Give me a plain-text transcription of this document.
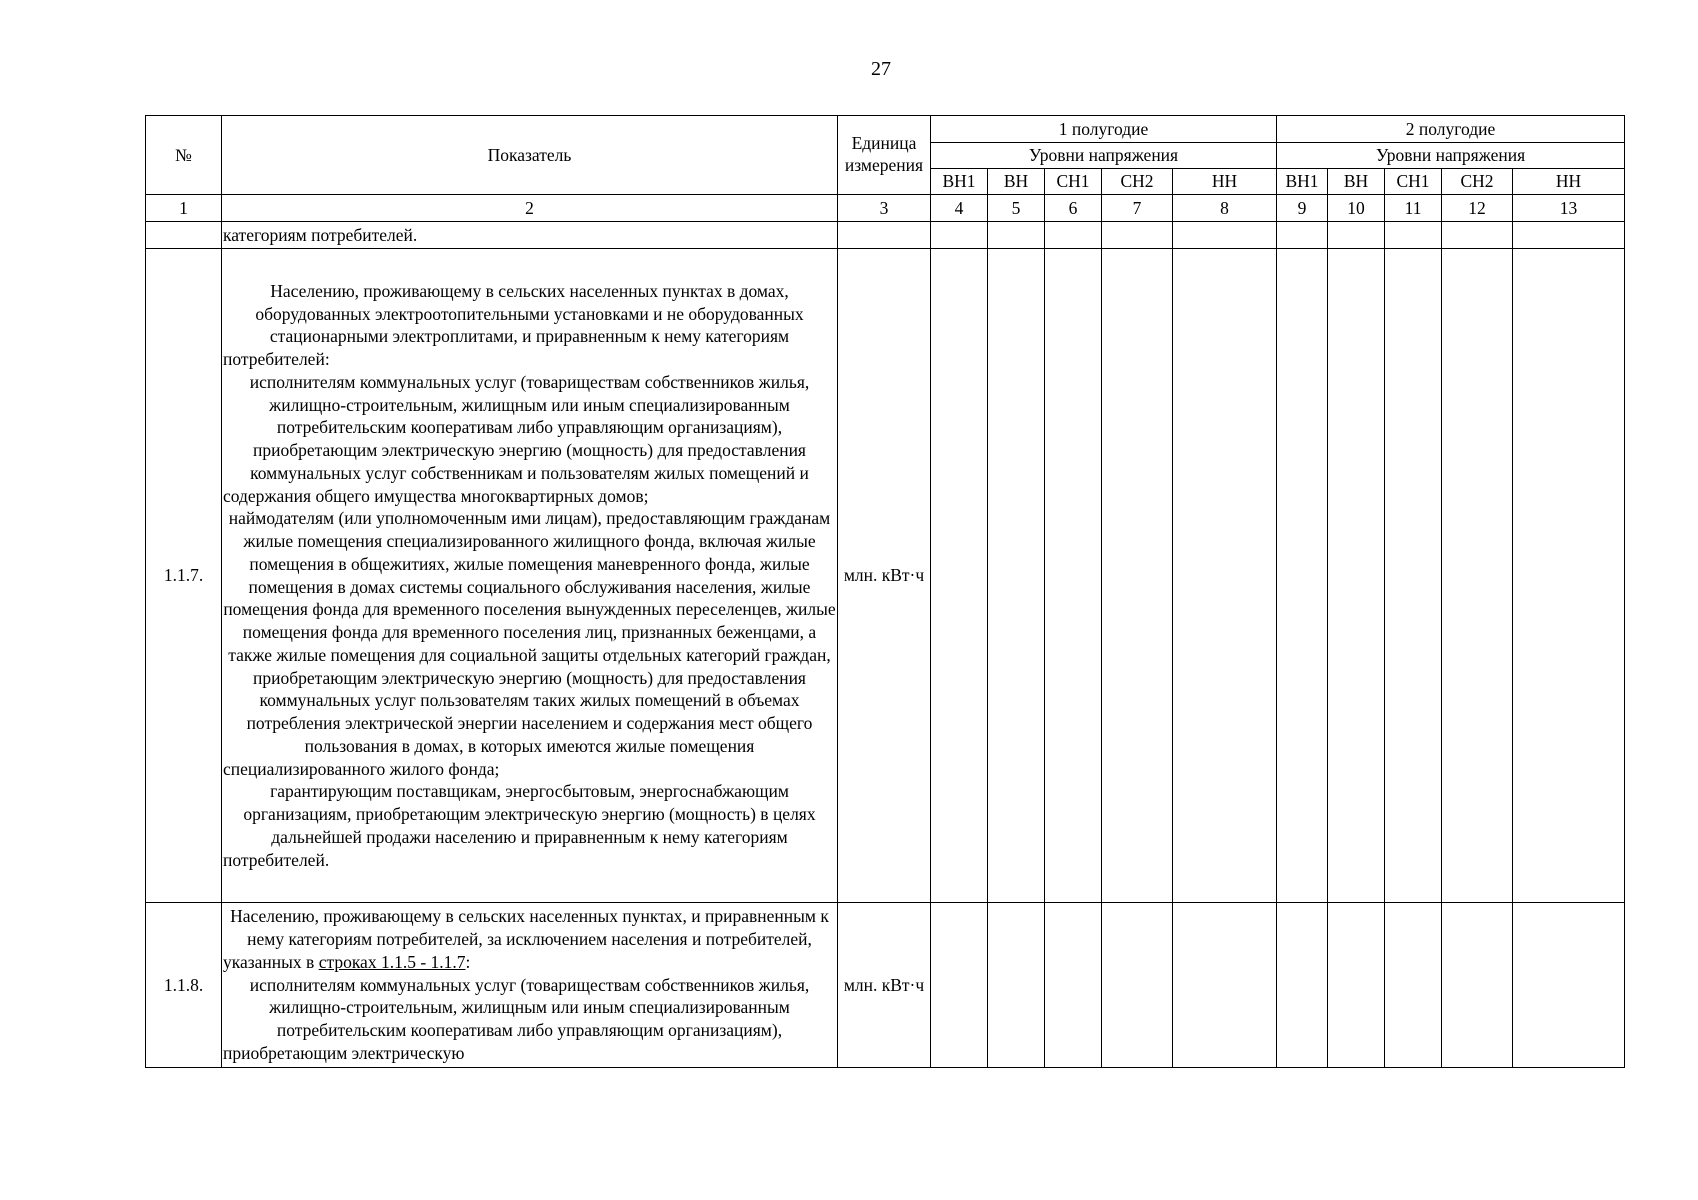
27
№	Показатель	Единица измерения	1 полугодие					2 полугодие				
			Уровни напряжения					Уровни напряжения				
			ВН1	ВН	СН1	СН2	НН	ВН1	ВН	СН1	СН2	НН
1	2	3	4	5	6	7	8	9	10	11	12	13

	категориям потребителей.											

1.1.7.	Населению, проживающему в сельских населенных пунктах в домах, оборудованных электроотопительными установками и не оборудованных стационарными электроплитами, и приравненным к нему категориям потребителей:
исполнителям коммунальных услуг (товариществам собственников жилья, жилищно-строительным, жилищным или иным специализированным потребительским кооперативам либо управляющим организациям), приобретающим электрическую энергию (мощность) для предоставления коммунальных услуг собственникам и пользователям жилых помещений и содержания общего имущества многоквартирных домов;
наймодателям (или уполномоченным ими лицам), предоставляющим гражданам жилые помещения специализированного жилищного фонда, включая жилые помещения в общежитиях, жилые помещения маневренного фонда, жилые помещения в домах системы социального обслуживания населения, жилые помещения фонда для временного поселения вынужденных переселенцев, жилые помещения фонда для временного поселения лиц, признанных беженцами, а также жилые помещения для социальной защиты отдельных категорий граждан, приобретающим электрическую энергию (мощность) для предоставления коммунальных услуг пользователям таких жилых помещений в объемах потребления электрической энергии населением и содержания мест общего пользования в домах, в которых имеются жилые помещения специализированного жилого фонда;
гарантирующим поставщикам, энергосбытовым, энергоснабжающим организациям, приобретающим электрическую энергию (мощность) в целях дальнейшей продажи населению и приравненным к нему категориям потребителей.	млн. кВт·ч										
1.1.8.	Населению, проживающему в сельских населенных пунктах, и приравненным к нему категориям потребителей, за исключением населения и потребителей, указанных в строках 1.1.5 - 1.1.7:
исполнителям коммунальных услуг (товариществам собственников жилья, жилищно-строительным, жилищным или иным специализированным потребительским кооперативам либо управляющим организациям), приобретающим электрическую	млн. кВт·ч										
